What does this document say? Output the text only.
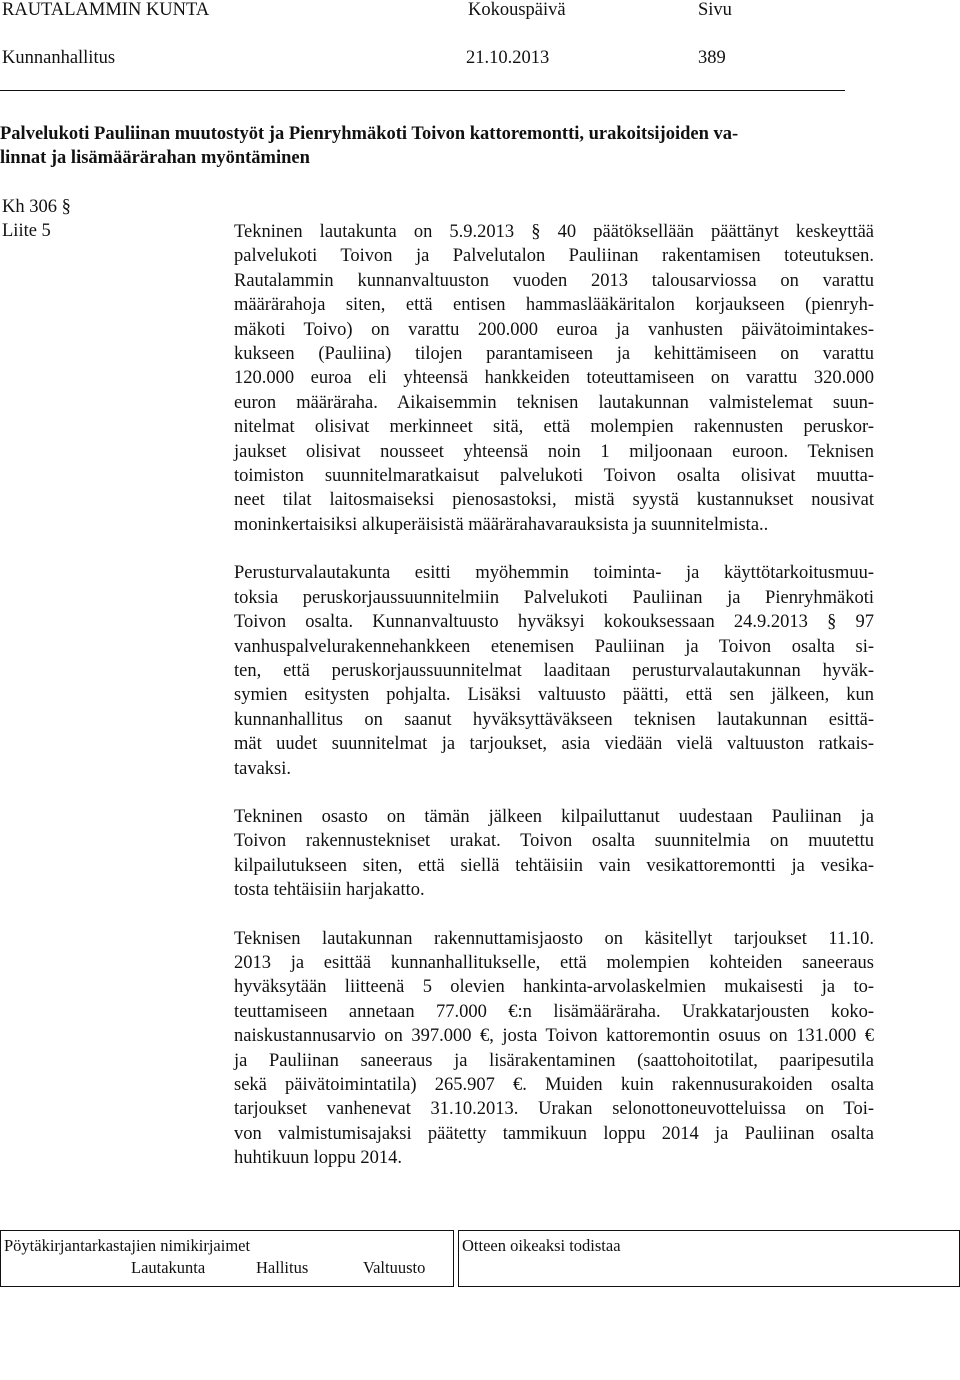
RAUTALAMMIN KUNTA	Kokouspäivä	Sivu
Kunnanhallitus	21.10.2013	389
Palvelukoti Pauliinan muutostyöt ja Pienryhmäkoti Toivon kattoremontti, urakoitsijoiden va-
linnat ja lisämäärärahan myöntäminen
Kh 306 §
Liite 5	Tekninen lautakunta on 5.9.2013 § 40 päätöksellään päättänyt keskeyttää
palvelukoti Toivon ja Palvelutalon Pauliinan rakentamisen toteutuksen.
Rautalammin kunnanvaltuuston vuoden 2013 talousarviossa on varattu
määrärahoja siten, että entisen hammaslääkäritalon korjaukseen (pienryh-
mäkoti Toivo) on varattu 200.000 euroa ja vanhusten päivätoimintakes-
kukseen (Pauliina) tilojen parantamiseen ja kehittämiseen on varattu
120.000 euroa eli yhteensä hankkeiden toteuttamiseen on varattu 320.000
euron määräraha. Aikaisemmin teknisen lautakunnan valmistelemat suun-
nitelmat olisivat merkinneet sitä, että molempien rakennusten peruskor-
jaukset olisivat nousseet yhteensä noin 1 miljoonaan euroon. Teknisen
toimiston suunnitelmaratkaisut palvelukoti Toivon osalta olisivat muutta-
neet tilat laitosmaiseksi pienosastoksi, mistä syystä kustannukset nousivat
moninkertaisiksi alkuperäisistä määrärahavarauksista ja suunnitelmista..
Perusturvalautakunta esitti myöhemmin toiminta- ja käyttötarkoitusmuu-
toksia peruskorjaussuunnitelmiin Palvelukoti Pauliinan ja Pienryhmäkoti
Toivon osalta. Kunnanvaltuusto hyväksyi kokouksessaan 24.9.2013 § 97
vanhuspalvelurakennehankkeen etenemisen Pauliinan ja Toivon osalta si-
ten, että peruskorjaussuunnitelmat laaditaan perusturvalautakunnan hyväk-
symien esitysten pohjalta. Lisäksi valtuusto päätti, että sen jälkeen, kun
kunnanhallitus on saanut hyväksyttäväkseen teknisen lautakunnan esittä-
mät uudet suunnitelmat ja tarjoukset, asia viedään vielä valtuuston ratkais-
tavaksi.
Tekninen osasto on tämän jälkeen kilpailuttanut uudestaan Pauliinan ja
Toivon rakennustekniset urakat. Toivon osalta suunnitelmia on muutettu
kilpailutukseen siten, että siellä tehtäisiin vain vesikattoremontti ja vesika-
tosta tehtäisiin harjakatto.
Teknisen lautakunnan rakennuttamisjaosto on käsitellyt tarjoukset 11.10.
2013 ja esittää kunnanhallitukselle, että molempien kohteiden saneeraus
hyväksytään liitteenä 5 olevien hankinta-arvolaskelmien mukaisesti ja to-
teuttamiseen annetaan 77.000 €:n lisämääräraha. Urakkatarjousten koko-
naiskustannusarvio on 397.000 €, josta Toivon kattoremontin osuus on 131.000 €
ja Pauliinan saneeraus ja lisärakentaminen (saattohoitotilat, paaripesutila
sekä päivätoimintatila) 265.907 €. Muiden kuin rakennusurakoiden osalta
tarjoukset vanhenevat 31.10.2013. Urakan selonottoneuvotteluissa on Toi-
von valmistumisajaksi päätetty tammikuun loppu 2014 ja Pauliinan osalta
huhtikuun loppu 2014.
Pöytäkirjantarkastajien nimikirjaimet
Lautakunta	Hallitus	Valtuusto
Otteen oikeaksi todistaa
